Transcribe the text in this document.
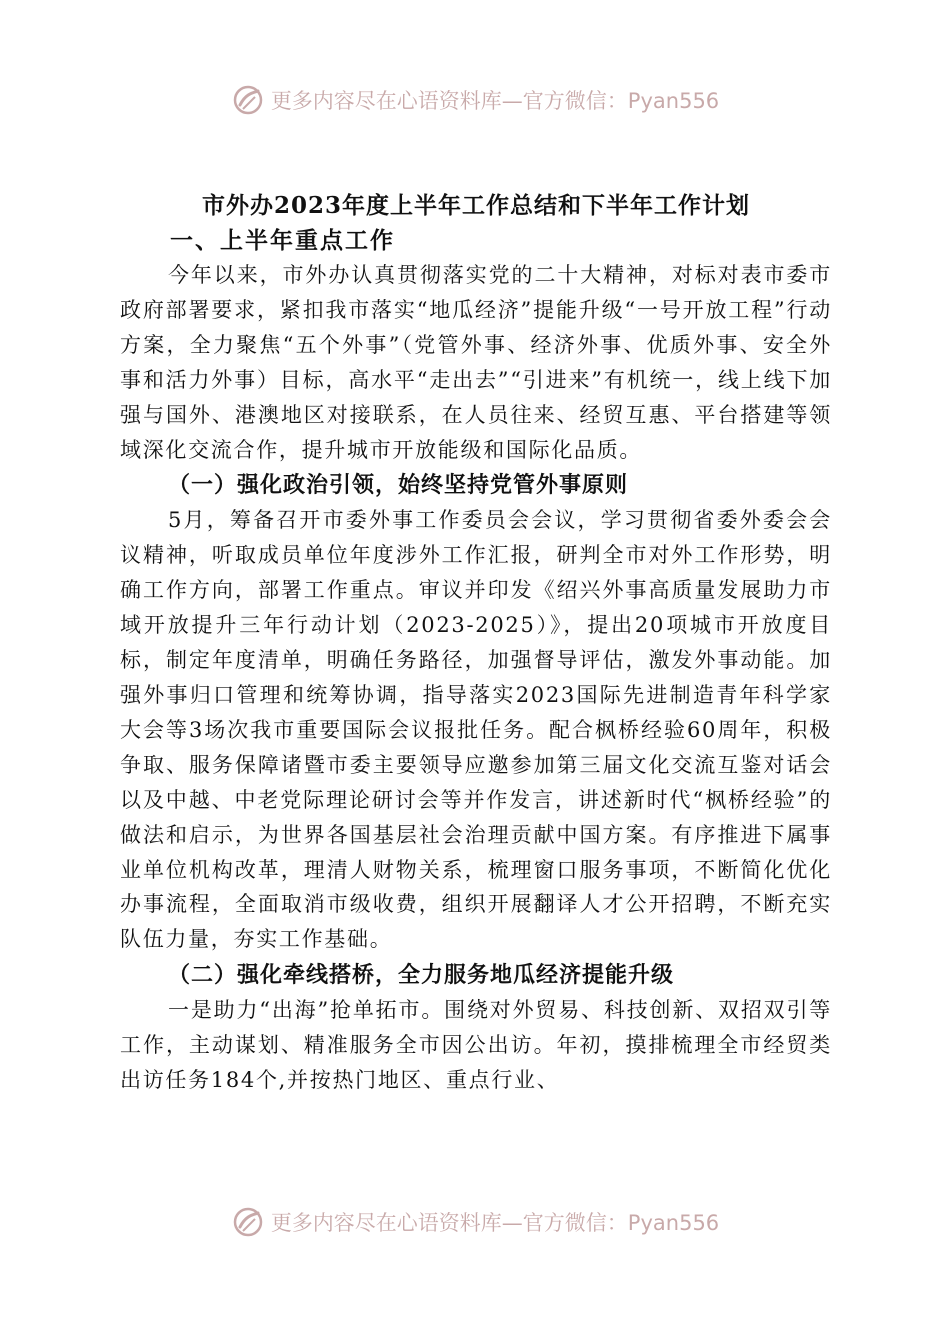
更多内容尽在心语资料库—官方微信：Pyan556

市外办2023年度上半年工作总结和下半年工作计划

一、上半年重点工作

今年以来，市外办认真贯彻落实党的二十大精神，对标对表市委市政府部署要求，紧扣我市落实“地瓜经济”提能升级“一号开放工程”行动方案，全力聚焦“五个外事”（党管外事、经济外事、优质外事、安全外事和活力外事）目标，高水平“走出去”“引进来”有机统一，线上线下加强与国外、港澳地区对接联系，在人员往来、经贸互惠、平台搭建等领域深化交流合作，提升城市开放能级和国际化品质。

（一）强化政治引领，始终坚持党管外事原则

5月，筹备召开市委外事工作委员会会议，学习贯彻省委外委会会议精神，听取成员单位年度涉外工作汇报，研判全市对外工作形势，明确工作方向，部署工作重点。审议并印发《绍兴外事高质量发展助力市域开放提升三年行动计划（2023-2025）》，提出20项城市开放度目标，制定年度清单，明确任务路径，加强督导评估，激发外事动能。加强外事归口管理和统筹协调，指导落实2023国际先进制造青年科学家大会等3场次我市重要国际会议报批任务。配合枫桥经验60周年，积极争取、服务保障诸暨市委主要领导应邀参加第三届文化交流互鉴对话会以及中越、中老党际理论研讨会等并作发言，讲述新时代“枫桥经验”的做法和启示，为世界各国基层社会治理贡献中国方案。有序推进下属事业单位机构改革，理清人财物关系，梳理窗口服务事项，不断简化优化办事流程，全面取消市级收费，组织开展翻译人才公开招聘，不断充实队伍力量，夯实工作基础。

（二）强化牵线搭桥，全力服务地瓜经济提能升级

一是助力“出海”抢单拓市。围绕对外贸易、科技创新、双招双引等工作，主动谋划、精准服务全市因公出访。年初，摸排梳理全市经贸类出访任务184个,并按热门地区、重点行业、

更多内容尽在心语资料库—官方微信：Pyan556
